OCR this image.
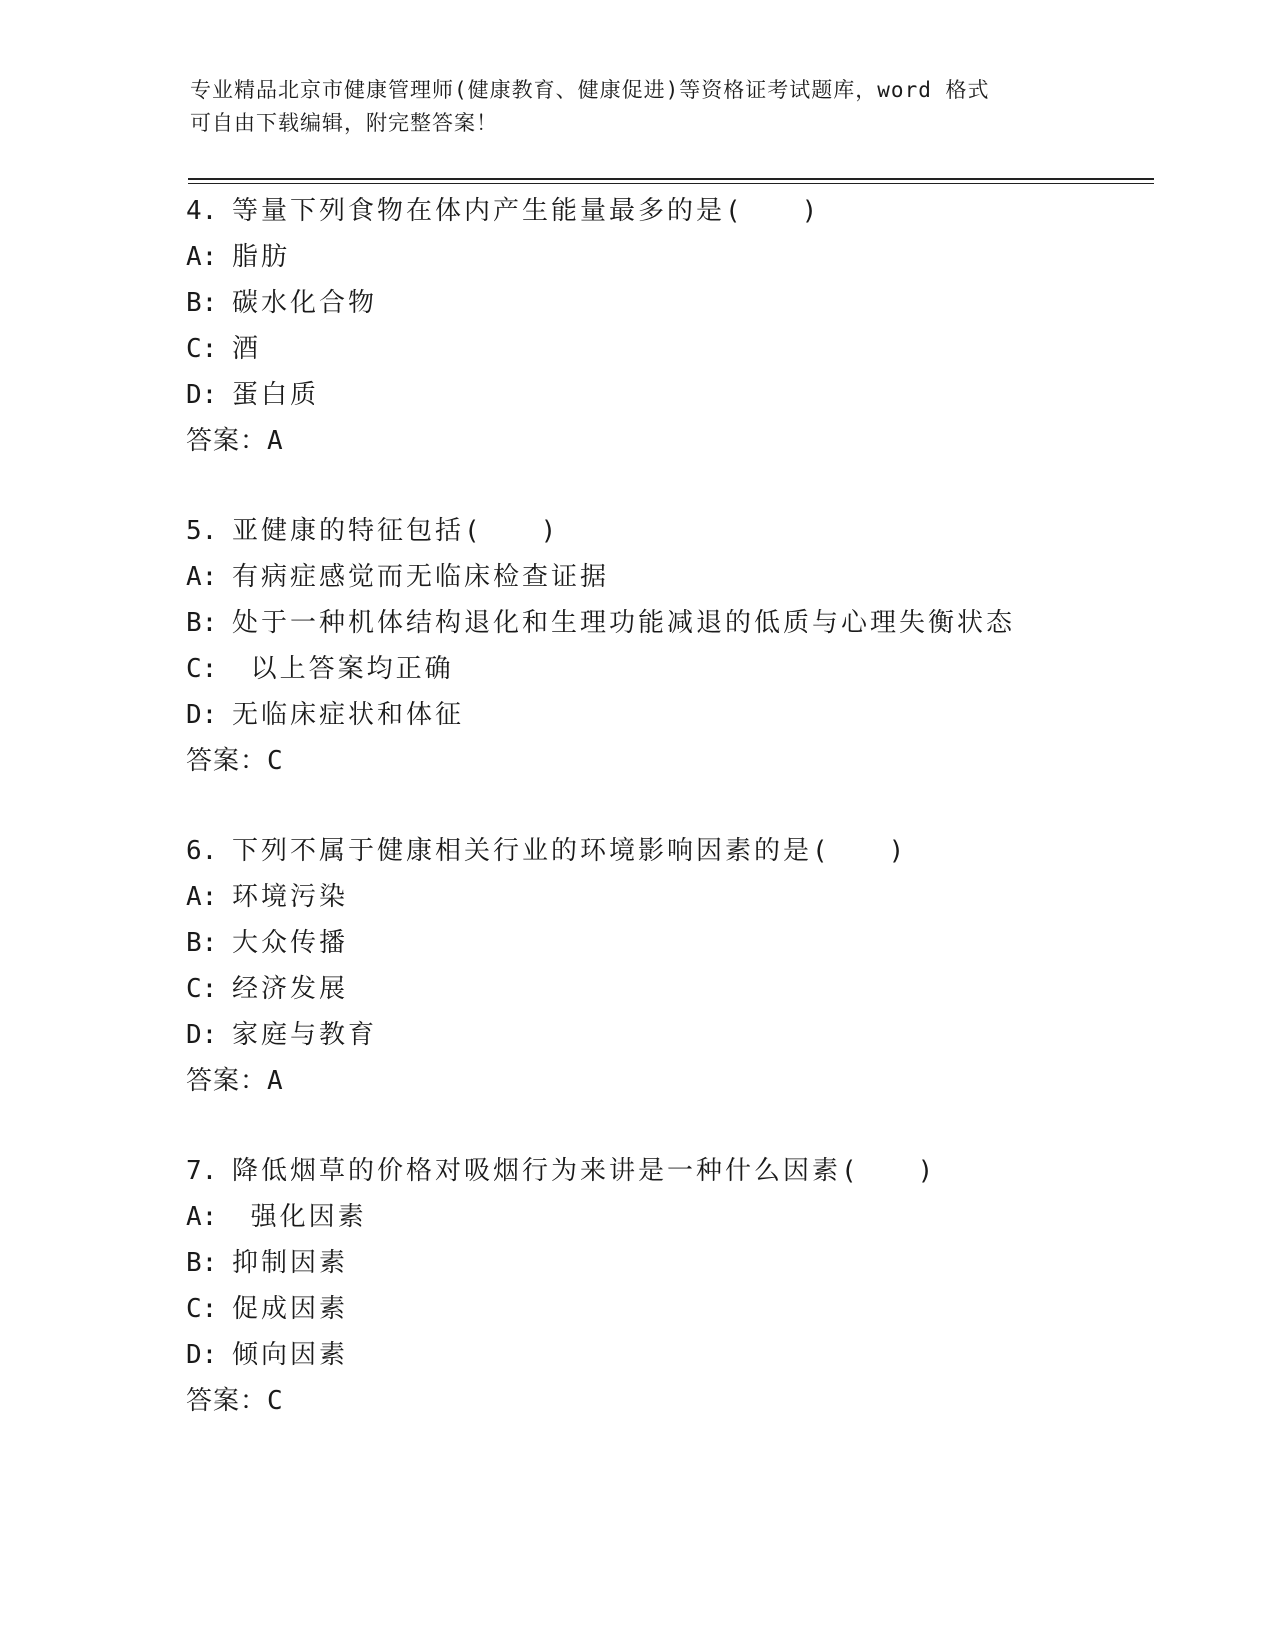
专业精品北京市健康管理师(健康教育、健康促进)等资格证考试题库，word 格式
可自由下载编辑，附完整答案！
4. 等量下列食物在体内产生能量最多的是(　　)
A: 脂肪
B: 碳水化合物
C: 酒
D: 蛋白质
答案：A
5. 亚健康的特征包括(　　)
A: 有病症感觉而无临床检查证据
B: 处于一种机体结构退化和生理功能减退的低质与心理失衡状态
C: 以上答案均正确
D: 无临床症状和体征
答案：C
6. 下列不属于健康相关行业的环境影响因素的是(　　)
A: 环境污染
B: 大众传播
C: 经济发展
D: 家庭与教育
答案：A
7. 降低烟草的价格对吸烟行为来讲是一种什么因素(　　)
A: 强化因素
B: 抑制因素
C: 促成因素
D: 倾向因素
答案：C
